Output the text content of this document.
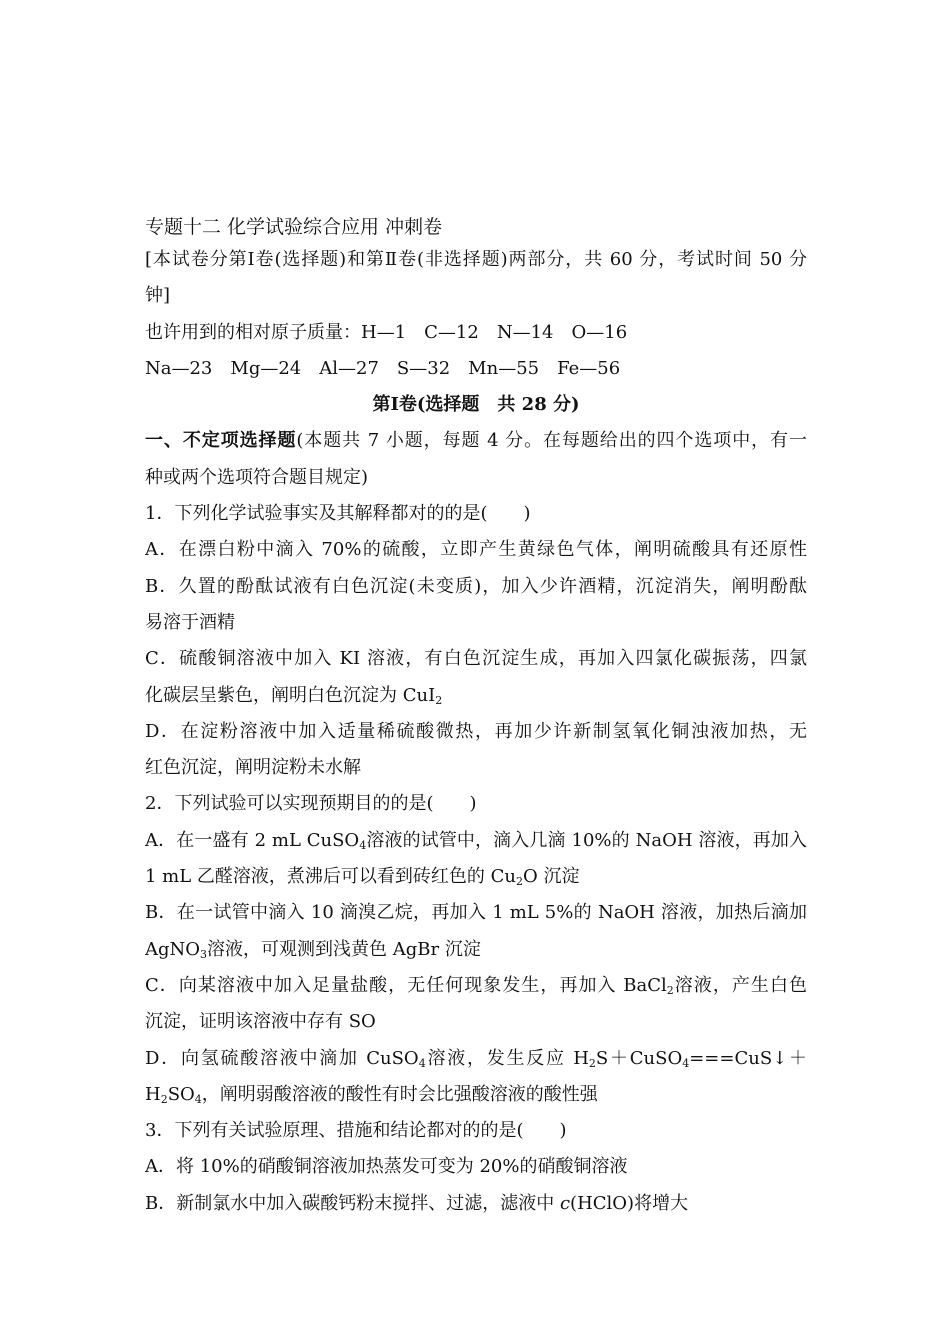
专题十二 化学试验综合应用 冲刺卷
[本试卷分第Ⅰ卷(选择题)和第Ⅱ卷(非选择题)两部分，共 60 分，考试时间 50 分
钟]
也许用到的相对原子质量：H—1 C—12 N—14 O—16
Na—23 Mg—24 Al—27 S—32 Mn—55 Fe—56
第Ⅰ卷(选择题　共 28 分)
一、不定项选择题(本题共 7 小题，每题 4 分。在每题给出的四个选项中，有一
种或两个选项符合题目规定)
1．下列化学试验事实及其解释都对的的是(　　)
A．在漂白粉中滴入 70%的硫酸，立即产生黄绿色气体，阐明硫酸具有还原性
B．久置的酚酞试液有白色沉淀(未变质)，加入少许酒精，沉淀消失，阐明酚酞
易溶于酒精
C．硫酸铜溶液中加入 KI 溶液，有白色沉淀生成，再加入四氯化碳振荡，四氯
化碳层呈紫色，阐明白色沉淀为 CuI$_2$
D．在淀粉溶液中加入适量稀硫酸微热，再加少许新制氢氧化铜浊液加热，无
红色沉淀，阐明淀粉未水解
2．下列试验可以实现预期目的的是(　　)
A．在一盛有 2 mL CuSO$_4$溶液的试管中，滴入几滴 10%的 NaOH 溶液，再加入
1 mL 乙醛溶液，煮沸后可以看到砖红色的 $Cu_2O$ 沉淀
B．在一试管中滴入 10 滴溴乙烷，再加入 1 mL 5%的 NaOH 溶液，加热后滴加
AgNO$_3$溶液，可观测到浅黄色 AgBr 沉淀
C．向某溶液中加入足量盐酸，无任何现象发生，再加入 BaCl$_2$溶液，产生白色
沉淀，证明该溶液中存有 SO
D．向氢硫酸溶液中滴加 CuSO$_4$溶液，发生反应 $H_2S+CuSO_4===CuS↓+$
$H_2SO_4$，阐明弱酸溶液的酸性有时会比强酸溶液的酸性强
3．下列有关试验原理、措施和结论都对的的是(　　)
A．将 10%的硝酸铜溶液加热蒸发可变为 20%的硝酸铜溶液
B．新制氯水中加入碳酸钙粉末搅拌、过滤，滤液中 c(HClO)将增大
